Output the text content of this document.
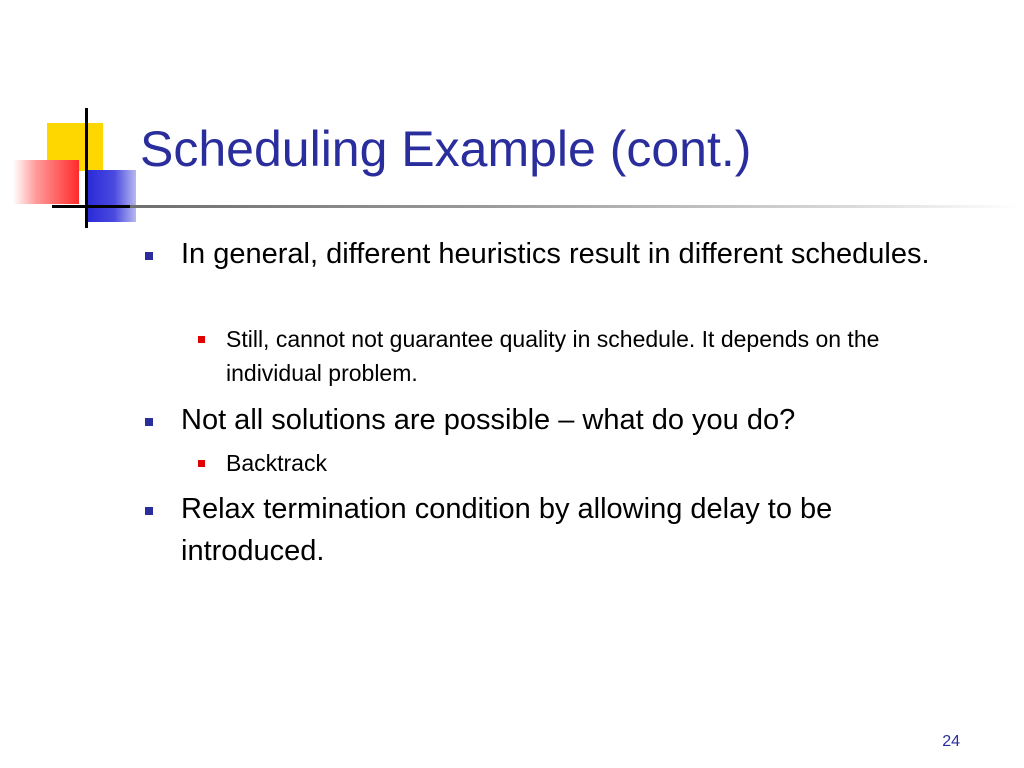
Scheduling Example (cont.)
In general, different heuristics result in different schedules.
Still, cannot not guarantee quality in schedule. It depends on the individual problem.
Not all solutions are possible – what do you do?
Backtrack
Relax termination condition by allowing delay to be introduced.
24
